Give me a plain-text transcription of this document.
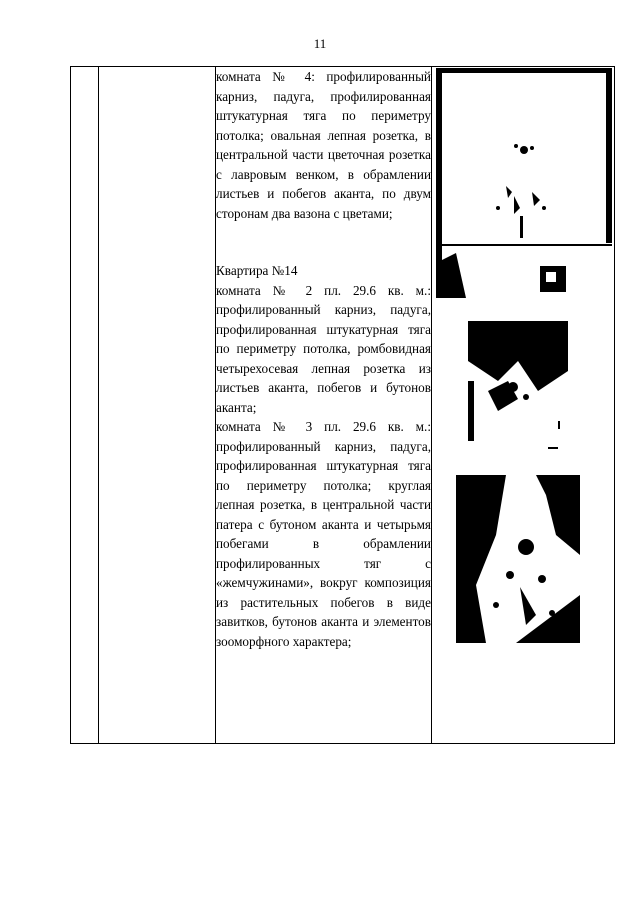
11

комната № 4: профилированный карниз, падуга, профилированная штукатурная тяга по периметру потолка; овальная лепная розетка, в центральной части цветочная розетка с лавровым венком, в обрамлении листьев и побегов аканта, по двум сторонам два вазона с цветами;

Квартира №14

комната № 2 пл. 29.6 кв. м.: профилированный карниз, падуга, профилированная штукатурная тяга по периметру потолка, ромбовидная четырехосевая лепная розетка из листьев аканта, побегов и бутонов аканта;

комната № 3 пл. 29.6 кв. м.: профилированный карниз, падуга, профилированная штукатурная тяга по периметру потолка; круглая лепная розетка, в центральной части патера с бутоном аканта и четырьмя побегами в обрамлении профилированных тяг с «жемчужинами», вокруг композиция из растительных побегов в виде завитков, бутонов аканта и элементов зооморфного характера;
